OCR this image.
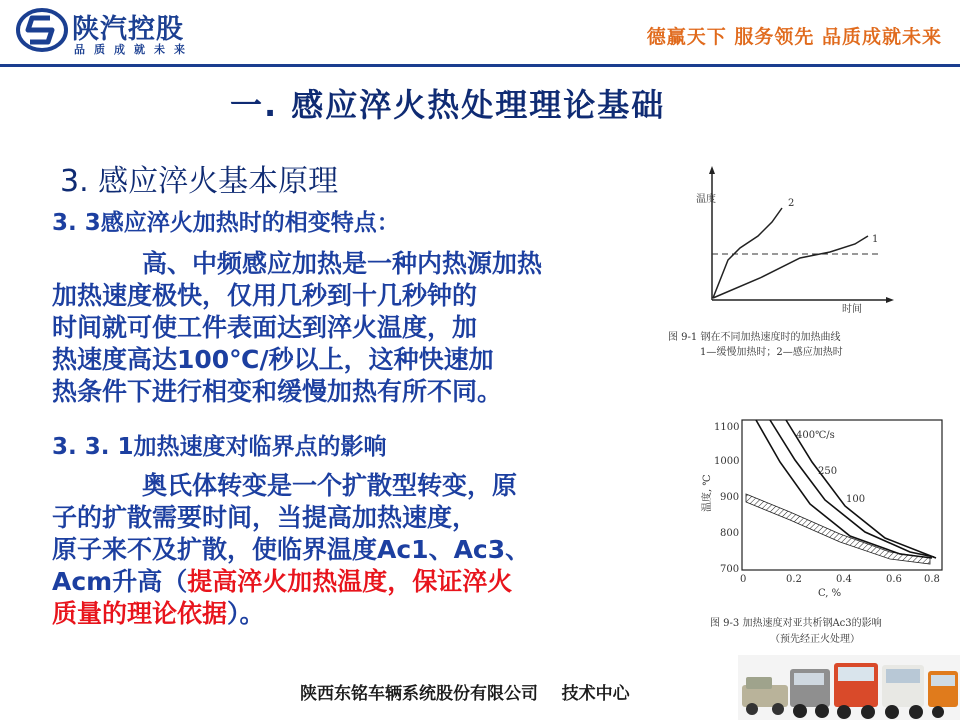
陕汽控股
品质成就未来
德赢天下 服务领先 品质成就未来
一. 感应淬火热处理理论基础
3. 感应淬火基本原理
3. 3感应淬火加热时的相变特点：

高、中频感应加热是一种内热源加热

加热速度极快，仅用几秒到十几秒钟的

时间就可使工件表面达到淬火温度，加

热速度高达100℃/秒以上，这种快速加

热条件下进行相变和缓慢加热有所不同。

3. 3. 1加热速度对临界点的影响

奥氏体转变是一个扩散型转变，原

子的扩散需要时间，当提高加热速度，

原子来不及扩散，使临界温度Ac1、Ac3、

Acm升高（提高淬火加热温度，保证淬火

质量的理论依据）。

温度
时间
2
1
图 9-1 钢在不同加热速度时的加热曲线
1—缓慢加热时；2—感应加热时
1100
1000
900
800
700
0	0.2	0.4	0.6 0.8
温度, ℃
C, %
400℃/s
250
100
图 9-3 加热速度对亚共析钢Ac3的影响
（预先经正火处理）
陕西东铭车辆系统股份有限公司    技术中心
